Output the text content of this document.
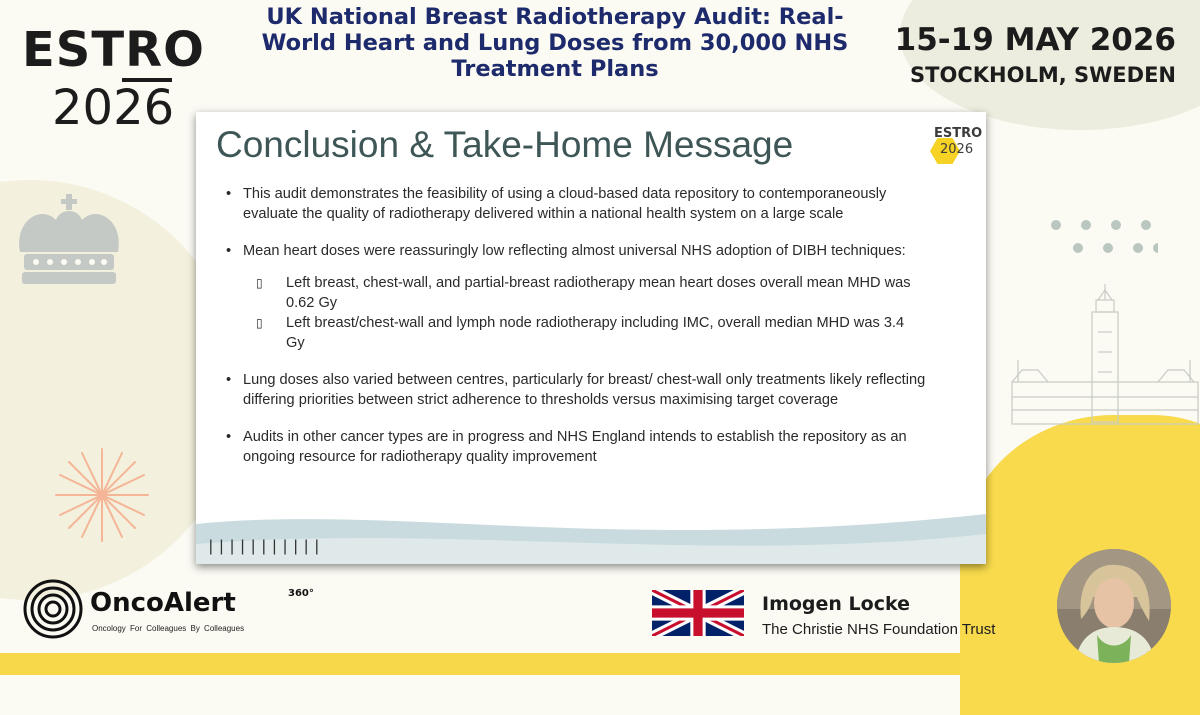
ESTRO
2026
UK National Breast Radiotherapy Audit: Real-World Heart and Lung Doses from 30,000 NHS Treatment Plans
15-19 MAY 2026
STOCKHOLM, SWEDEN
Conclusion & Take-Home Message	ESTRO
2026
• This audit demonstrates the feasibility of using a cloud-based data repository to contemporaneously evaluate the quality of radiotherapy delivered within a national health system on a large scale
• Mean heart doses were reassuringly low reflecting almost universal NHS adoption of DIBH techniques:
▯ Left breast, chest-wall, and partial-breast radiotherapy mean heart doses overall mean MHD was 0.62 Gy
▯ Left breast/chest-wall and lymph node radiotherapy including IMC, overall median MHD was 3.4 Gy
• Lung doses also varied between centres, particularly for breast/ chest-wall only treatments likely reflecting differing priorities between strict adherence to thresholds versus maximising target coverage
• Audits in other cancer types are in progress and NHS England intends to establish the repository as an ongoing resource for radiotherapy quality improvement
|||||||||||
OncoAlert	360°
Oncology For Colleagues By Colleagues
Imogen Locke
The Christie NHS Foundation Trust
